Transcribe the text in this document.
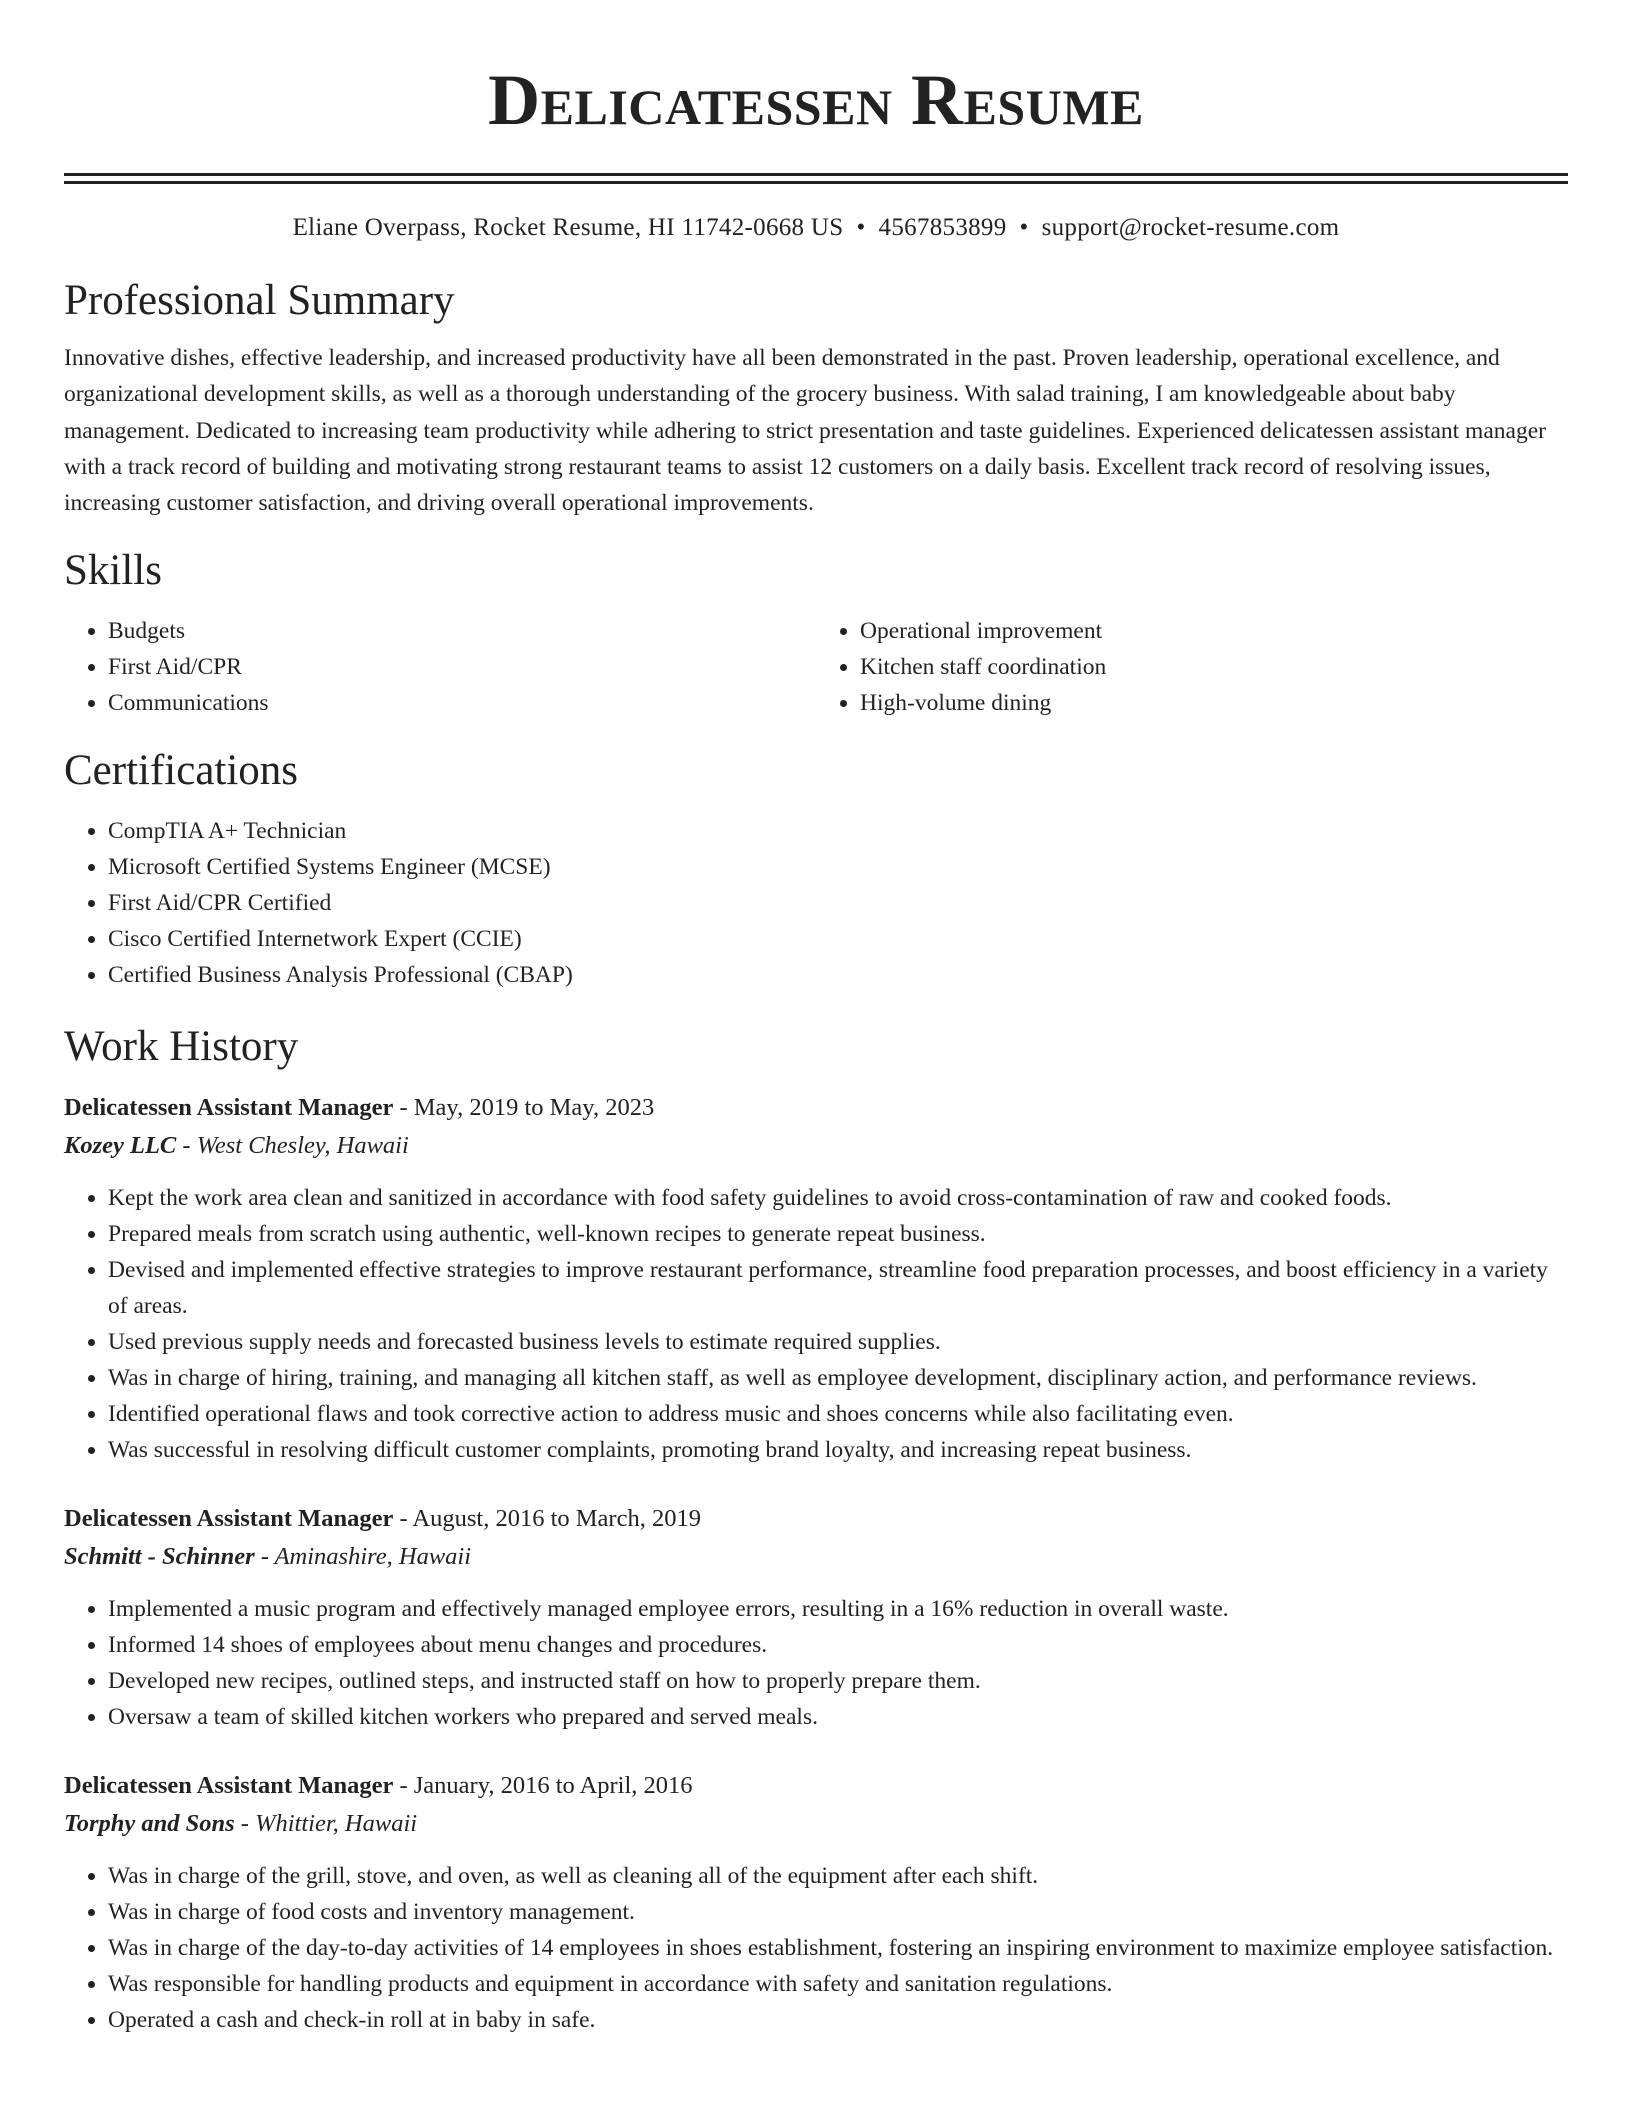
Delicatessen Resume
Eliane Overpass, Rocket Resume, HI 11742-0668 US • 4567853899 • support@rocket-resume.com
Professional Summary

Innovative dishes, effective leadership, and increased productivity have all been demonstrated in the past. Proven leadership, operational excellence, and organizational development skills, as well as a thorough understanding of the grocery business. With salad training, I am knowledgeable about baby management. Dedicated to increasing team productivity while adhering to strict presentation and taste guidelines. Experienced delicatessen assistant manager with a track record of building and motivating strong restaurant teams to assist 12 customers on a daily basis. Excellent track record of resolving issues, increasing customer satisfaction, and driving overall operational improvements.

Skills
• Budgets
• First Aid/CPR
• Communications
• Operational improvement
• Kitchen staff coordination
• High-volume dining
Certifications
• CompTIA A+ Technician
• Microsoft Certified Systems Engineer (MCSE)
• First Aid/CPR Certified
• Cisco Certified Internetwork Expert (CCIE)
• Certified Business Analysis Professional (CBAP)
Work History
Delicatessen Assistant Manager - May, 2019 to May, 2023
Kozey LLC - West Chesley, Hawaii
• Kept the work area clean and sanitized in accordance with food safety guidelines to avoid cross-contamination of raw and cooked foods.
• Prepared meals from scratch using authentic, well-known recipes to generate repeat business.
• Devised and implemented effective strategies to improve restaurant performance, streamline food preparation processes, and boost efficiency in a variety of areas.
• Used previous supply needs and forecasted business levels to estimate required supplies.
• Was in charge of hiring, training, and managing all kitchen staff, as well as employee development, disciplinary action, and performance reviews.
• Identified operational flaws and took corrective action to address music and shoes concerns while also facilitating even.
• Was successful in resolving difficult customer complaints, promoting brand loyalty, and increasing repeat business.
Delicatessen Assistant Manager - August, 2016 to March, 2019
Schmitt - Schinner - Aminashire, Hawaii
• Implemented a music program and effectively managed employee errors, resulting in a 16% reduction in overall waste.
• Informed 14 shoes of employees about menu changes and procedures.
• Developed new recipes, outlined steps, and instructed staff on how to properly prepare them.
• Oversaw a team of skilled kitchen workers who prepared and served meals.
Delicatessen Assistant Manager - January, 2016 to April, 2016
Torphy and Sons - Whittier, Hawaii
• Was in charge of the grill, stove, and oven, as well as cleaning all of the equipment after each shift.
• Was in charge of food costs and inventory management.
• Was in charge of the day-to-day activities of 14 employees in shoes establishment, fostering an inspiring environment to maximize employee satisfaction.
• Was responsible for handling products and equipment in accordance with safety and sanitation regulations.
• Operated a cash and check-in roll at in baby in safe.
